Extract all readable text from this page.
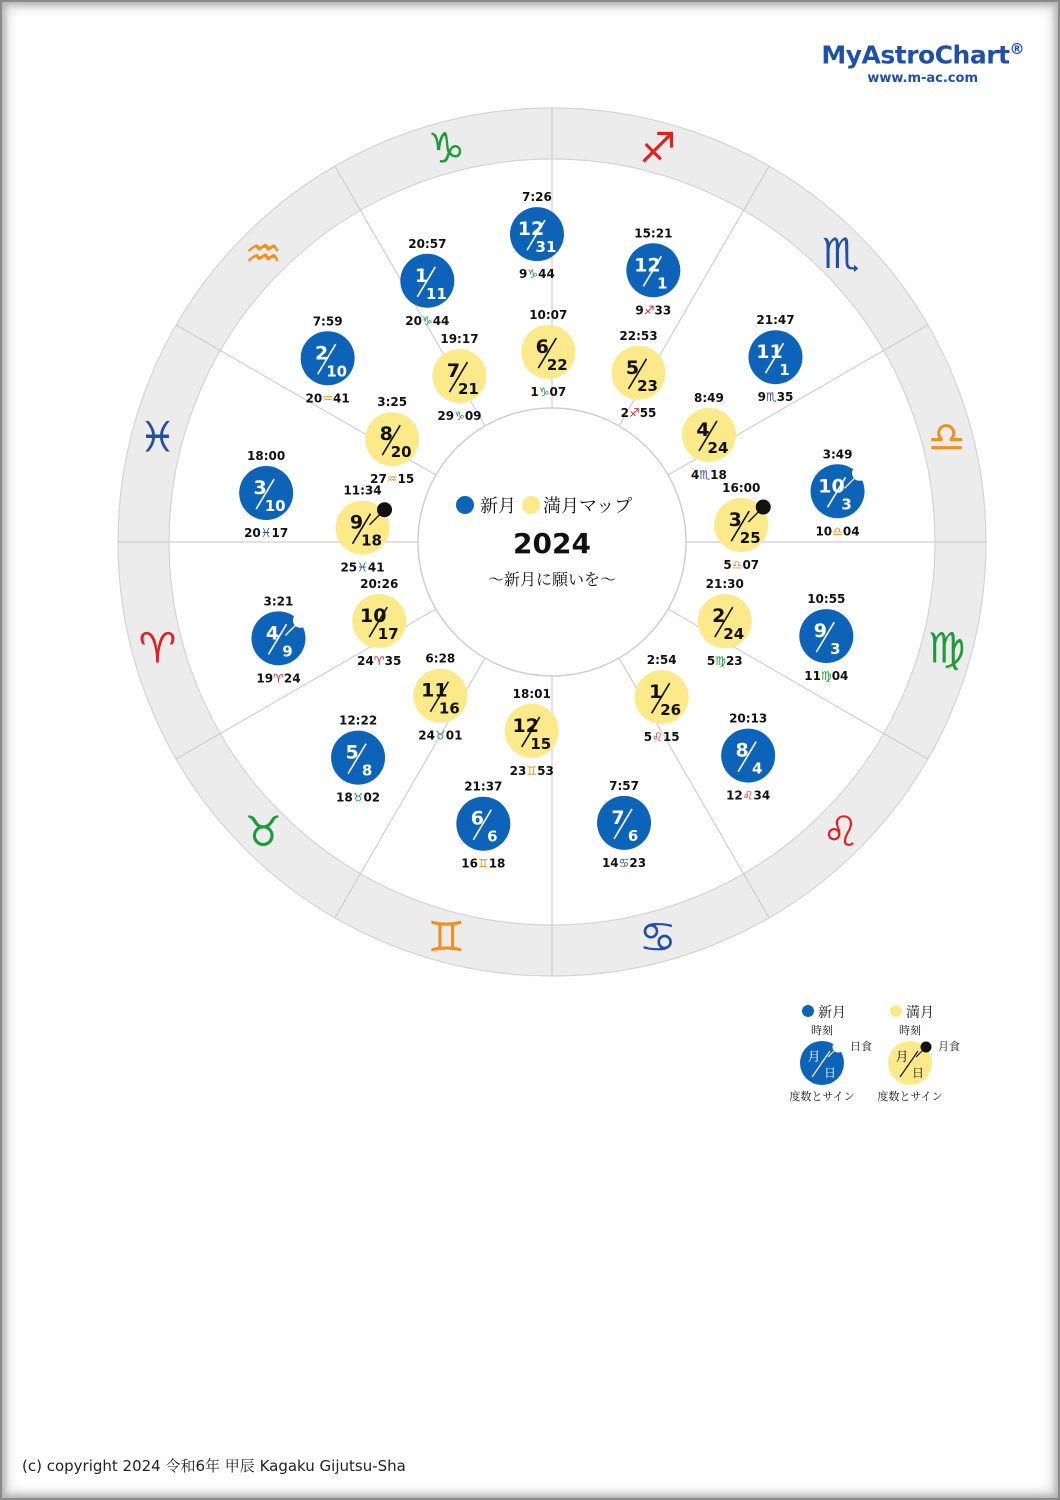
MyAstroChart®
www.m-ac.com
♈
♉
♊	♋
♌
♍
♎
♏
♐
♑
♒
♓
新月 満月マップ
2024
〜新月に願いを〜
20:57
1
11
20♑44
7:59
2
10
20♒41
18:00
3
10
20♓17
3:21
4
9
19♈24
12:22
5
8
18♉02
21:37
6
6
16♊18
7:57
7
6
14♋23
20:13
8
4
12♌34
10:55
9
3
11♍04
3:49
10
3
10♎04
21:47
11
1
9♏35
15:21
12
1
9♐33
7:26
12
31
9♑44
2:54
1
26
5♌15
21:30
2
24
5♍23
16:00
3
25
5♎07
8:49
4
24
4♏18
22:53
5
23
2♐55
10:07
6
22
1♑07
19:17
7
21
29♑09
3:25
8
20
27♒15
11:34
9
18
25♓41
20:26
10
17
24♈35 6:28
11
16
24♉01
18:01
12
15
23♊53
新月
時刻
月
日
日食
度数とサイン
満月
時刻
月
日
月食
度数とサイン
(c) copyright 2024 令和6年 甲辰 Kagaku Gijutsu-Sha
